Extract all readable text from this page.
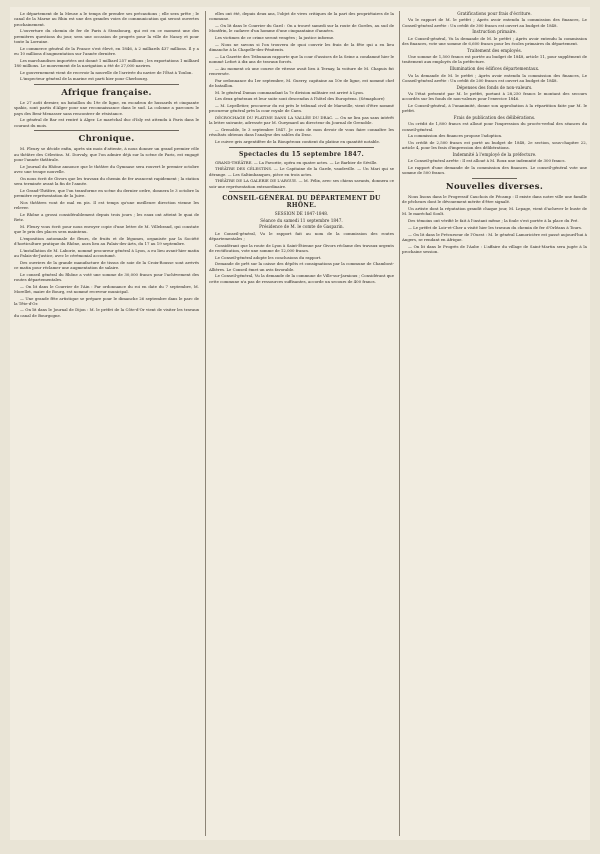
Le département de la Meuse a le temps de prendre ses précautions ; elle sera prête ; le canal de la Marne au Rhin est une des grandes voies de communication qui seront ouvertes prochainement.

L'ouverture du chemin de fer de Paris à Strasbourg, qui est en ce moment une des premières questions du jour, sera une occasion de progrès pour la ville de Nancy et pour toute la Lorraine.

Le commerce général de la France s'est élevé, en 1846, à 2 milliards 437 millions. Il y a eu 10 millions d'augmentation sur l'année dernière.

Les marchandises importées ont donné 1 milliard 257 millions ; les exportations 1 milliard 180 millions. Le mouvement de la navigation a été de 27,000 navires.

Le gouvernement vient de recevoir la nouvelle de l'arrivée du navire de l'État à Toulon.

L'inspecteur général de la marine est parti hier pour Cherbourg.

Afrique française.

Le 27 août dernier, un bataillon du 19e de ligne, en escadron de hussards et cinquante spahis, sont partis d'Alger pour une reconnaissance dans le sud. La colonne a parcouru le pays des Beni-Menasser sans rencontrer de résistance.

Le général de Bar est rentré à Alger. Le maréchal duc d'Isly est attendu à Paris dans le courant du mois.

Chronique.

M. Fleury se décide enfin, après six mois d'attente, à nous donner un grand premier rôle au théâtre des Célestins. M. Dorvaly, que l'on admire déjà sur la scène de Paris, est engagé pour l'année théâtrale.

Le Journal du Rhône annonce que le théâtre du Gymnase sera rouvert le premier octobre avec une troupe nouvelle.

On nous écrit de Givors que les travaux du chemin de fer avancent rapidement ; la station sera terminée avant la fin de l'année.

Le Grand-Théâtre, que l'on transforme en scène du dernier ordre, donnera le 3 octobre la première représentation de la Juive.

Nos théâtres vont de mal en pis. Il est temps qu'une meilleure direction vienne les relever.

Le Rhône a grossi considérablement depuis trois jours ; les eaux ont atteint le quai de Retz.

M. Fleury vous écrit pour nous envoyer copie d'une lettre de M. Villebrand, qui constate que le prix des places sera maintenu.

L'exposition automnale de fleurs, de fruits et de légumes, organisée par la Société d'horticulture pratique du Rhône, aura lieu au Palais-des-Arts, du 17 au 19 septembre.

L'installation de M. Laborie, nommé procureur général à Lyon, a eu lieu avant-hier matin au Palais-de-Justice, avec le cérémonial accoutumé.

Des ouvriers de la grande manufacture de tissus de soie de la Croix-Rousse sont arrivés ce matin pour réclamer une augmentation de salaire.

Le conseil général du Rhône a voté une somme de 30,000 francs pour l'achèvement des routes départementales.

— On lit dans le Courrier de l'Ain : Par ordonnance du roi en date du 7 septembre, M. Morellet, maire de Bourg, est nommé receveur municipal.

— Une grande fête artistique se prépare pour le dimanche 26 septembre dans le parc de la Tête-d'Or.

— On lit dans le Journal de Dijon : M. le préfet de la Côte-d'Or vient de visiter les travaux du canal de Bourgogne.

elles ont été, depuis deux ans, l'objet de vives critiques de la part des propriétaires de la commune.

— On lit dans le Courrier du Gard : On a trouvé samedi sur la route de Gordes, au sud de Montfrin, le cadavre d'un homme d'une cinquantaine d'années.

Les victimes de ce crime seront vengées ; la justice informe.

— Nous ne savons si l'on trouvera de quoi couvrir les frais de la fête qui a eu lieu dimanche à la Chapelle-des-Pénitents.

— La Gazette des Tribunaux rapporte que la cour d'assises de la Seine a condamné hier le nommé Lefort à dix ans de travaux forcés.

— Au moment où une course de vitesse avait lieu à Ternay, la voiture de M. Chapuis fut renversée.

Par ordonnance du 1er septembre, M. Guerry, capitaine au 10e de ligne, est nommé chef de bataillon.

M. le général Dumas commandant la 7e division militaire est arrivé à Lyon.

Les deux généraux et leur suite sont descendus à l'hôtel des Européens. (Sémaphore)

— M. Lepelletier, procureur du roi près le tribunal civil de Marseille, vient d'être nommé procureur général près la cour royale de Caen.

DÉCROCHAGE DU PLATINE DANS LA VALLÉE DU DRAC. — On ne lira pas sans intérêt la lettre suivante, adressée par M. Gueymard au directeur du Journal de Grenoble.

— Grenoble, le 3 septembre 1847. Je crois de mon devoir de vous faire connaître les résultats obtenus dans l'analyse des sables du Drac.

Le cuivre gris argentifère de la Rioupéroux contient du platine en quantité notable.

Spectacles du 15 septembre 1847.

GRAND-THÉÂTRE. — La Favorite, opéra en quatre actes. — Le Barbier de Séville.

THÉÂTRE DES CÉLESTINS. — Le Capitaine de la Garde, vaudeville. — Un Mari qui se dérange. — Les Saltimbanques, pièce en trois actes.

THÉÂTRE DE LA GALERIE DE L'ARGUE. — M. Félix, avec ses chiens savants, donnera ce soir une représentation extraordinaire.

CONSEIL-GÉNÉRAL DU DÉPARTEMENT DU RHÔNE.

SESSION DE 1847-1848.

Séance du samedi 11 septembre 1847.

Présidence de M. le comte de Gasparin.

Le Conseil-général, Vu le rapport fait au nom de la commission des routes départementales ;

Considérant que la route de Lyon à Saint-Étienne par Givors réclame des travaux urgents de rectification, vote une somme de 12,000 francs.

Le Conseil-général adopte les conclusions du rapport.

Demande de prêt sur la caisse des dépôts et consignations par la commune de Chambost-Allières. Le Conseil émet un avis favorable.

Le Conseil-général, Vu la demande de la commune de Ville-sur-Jarnioux ; Considérant que cette commune n'a pas de ressources suffisantes, accorde un secours de 400 francs.

Gratifications pour frais d'écriture.

Vu le rapport de M. le préfet ; Après avoir entendu la commission des finances, Le Conseil-général arrête : Un crédit de 300 francs est ouvert au budget de 1848.

Instruction primaire.

Le Conseil-général, Vu la demande de M. le préfet ; Après avoir entendu la commission des finances, vote une somme de 6,600 francs pour les écoles primaires du département.

Traitement des employés.

Une somme de 1,500 francs est portée au budget de 1848, article 11, pour supplément de traitement aux employés de la préfecture.

Illumination des édifices départementaux.

Vu la demande de M. le préfet ; Après avoir entendu la commission des finances, Le Conseil-général arrête : Un crédit de 200 francs est ouvert au budget de 1848.

Dépenses des fonds de non-valeurs.

Vu l'état présenté par M. le préfet, portant à 28,250 francs le montant des secours accordés sur les fonds de non-valeurs pour l'exercice 1846.

Le Conseil-général, à l'unanimité, donne son approbation à la répartition faite par M. le préfet.

Frais de publication des délibérations.

Un crédit de 1,800 francs est alloué pour l'impression du procès-verbal des séances du conseil-général.

La commission des finances propose l'adoption.

Un crédit de 2,500 francs est porté au budget de 1848, 2e section, sous-chapitre 22, article 4, pour les frais d'impression des délibérations.

Indemnité à l'employé de la préfecture.

Le Conseil-général arrête : Il est alloué à M. Roux une indemnité de 300 francs.

Le rapport d'une demande de la commission des finances. Le conseil-général vote une somme de 500 francs.

Nouvelles diverses.

Nous lisons dans le Progressif Cauchois de Fécamp : Il existe dans notre ville une famille de pêcheurs dont le dévouement mérite d'être signalé.

Un artiste dont la réputation grandit chaque jour, M. Lepage, vient d'achever le buste de M. le maréchal Soult.

Des témoins ont vérifié le fait à l'instant même ; la foule s'est portée à la place du Pré.

— Le préfet de Loir-et-Cher a visité hier les travaux du chemin de fer d'Orléans à Tours.

— On lit dans le Précurseur de l'Ouest : M. le général Lamoricière est passé aujourd'hui à Angers, se rendant en Afrique.

— On lit dans le Progrès de l'Aube : L'affaire du village de Saint-Martin sera jugée à la prochaine session.
